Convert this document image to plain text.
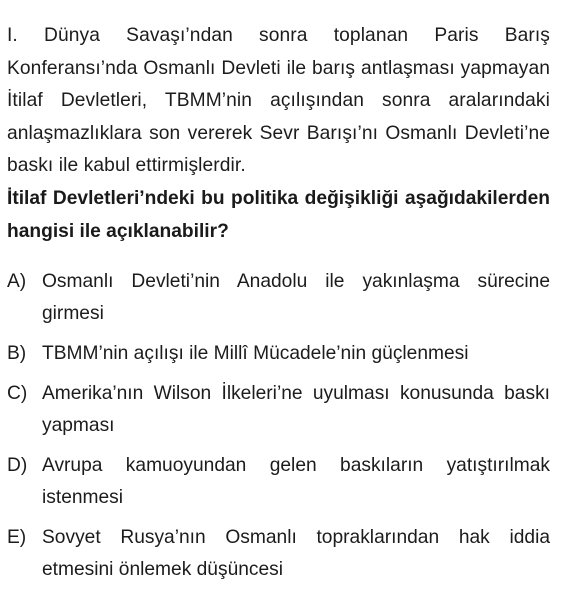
I. Dünya Savaşı’ndan sonra toplanan Paris Barış Konferansı’nda Osmanlı Devleti ile barış antlaşması yapmayan İtilaf Devletleri, TBMM’nin açılışından sonra aralarındaki anlaşmazlıklara son vererek Sevr Barışı’nı Osmanlı Devleti’ne baskı ile kabul ettirmişlerdir.

İtilaf Devletleri’ndeki bu politika değişikliği aşağıdakilerden hangisi ile açıklanabilir?

A) Osmanlı Devleti’nin Anadolu ile yakınlaşma sürecine girmesi
B) TBMM’nin açılışı ile Millî Mücadele’nin güçlenmesi
C) Amerika’nın Wilson İlkeleri’ne uyulması konusunda baskı yapması
D) Avrupa kamuoyundan gelen baskıların yatıştırılmak istenmesi
E) Sovyet Rusya’nın Osmanlı topraklarından hak iddia etmesini önlemek düşüncesi
